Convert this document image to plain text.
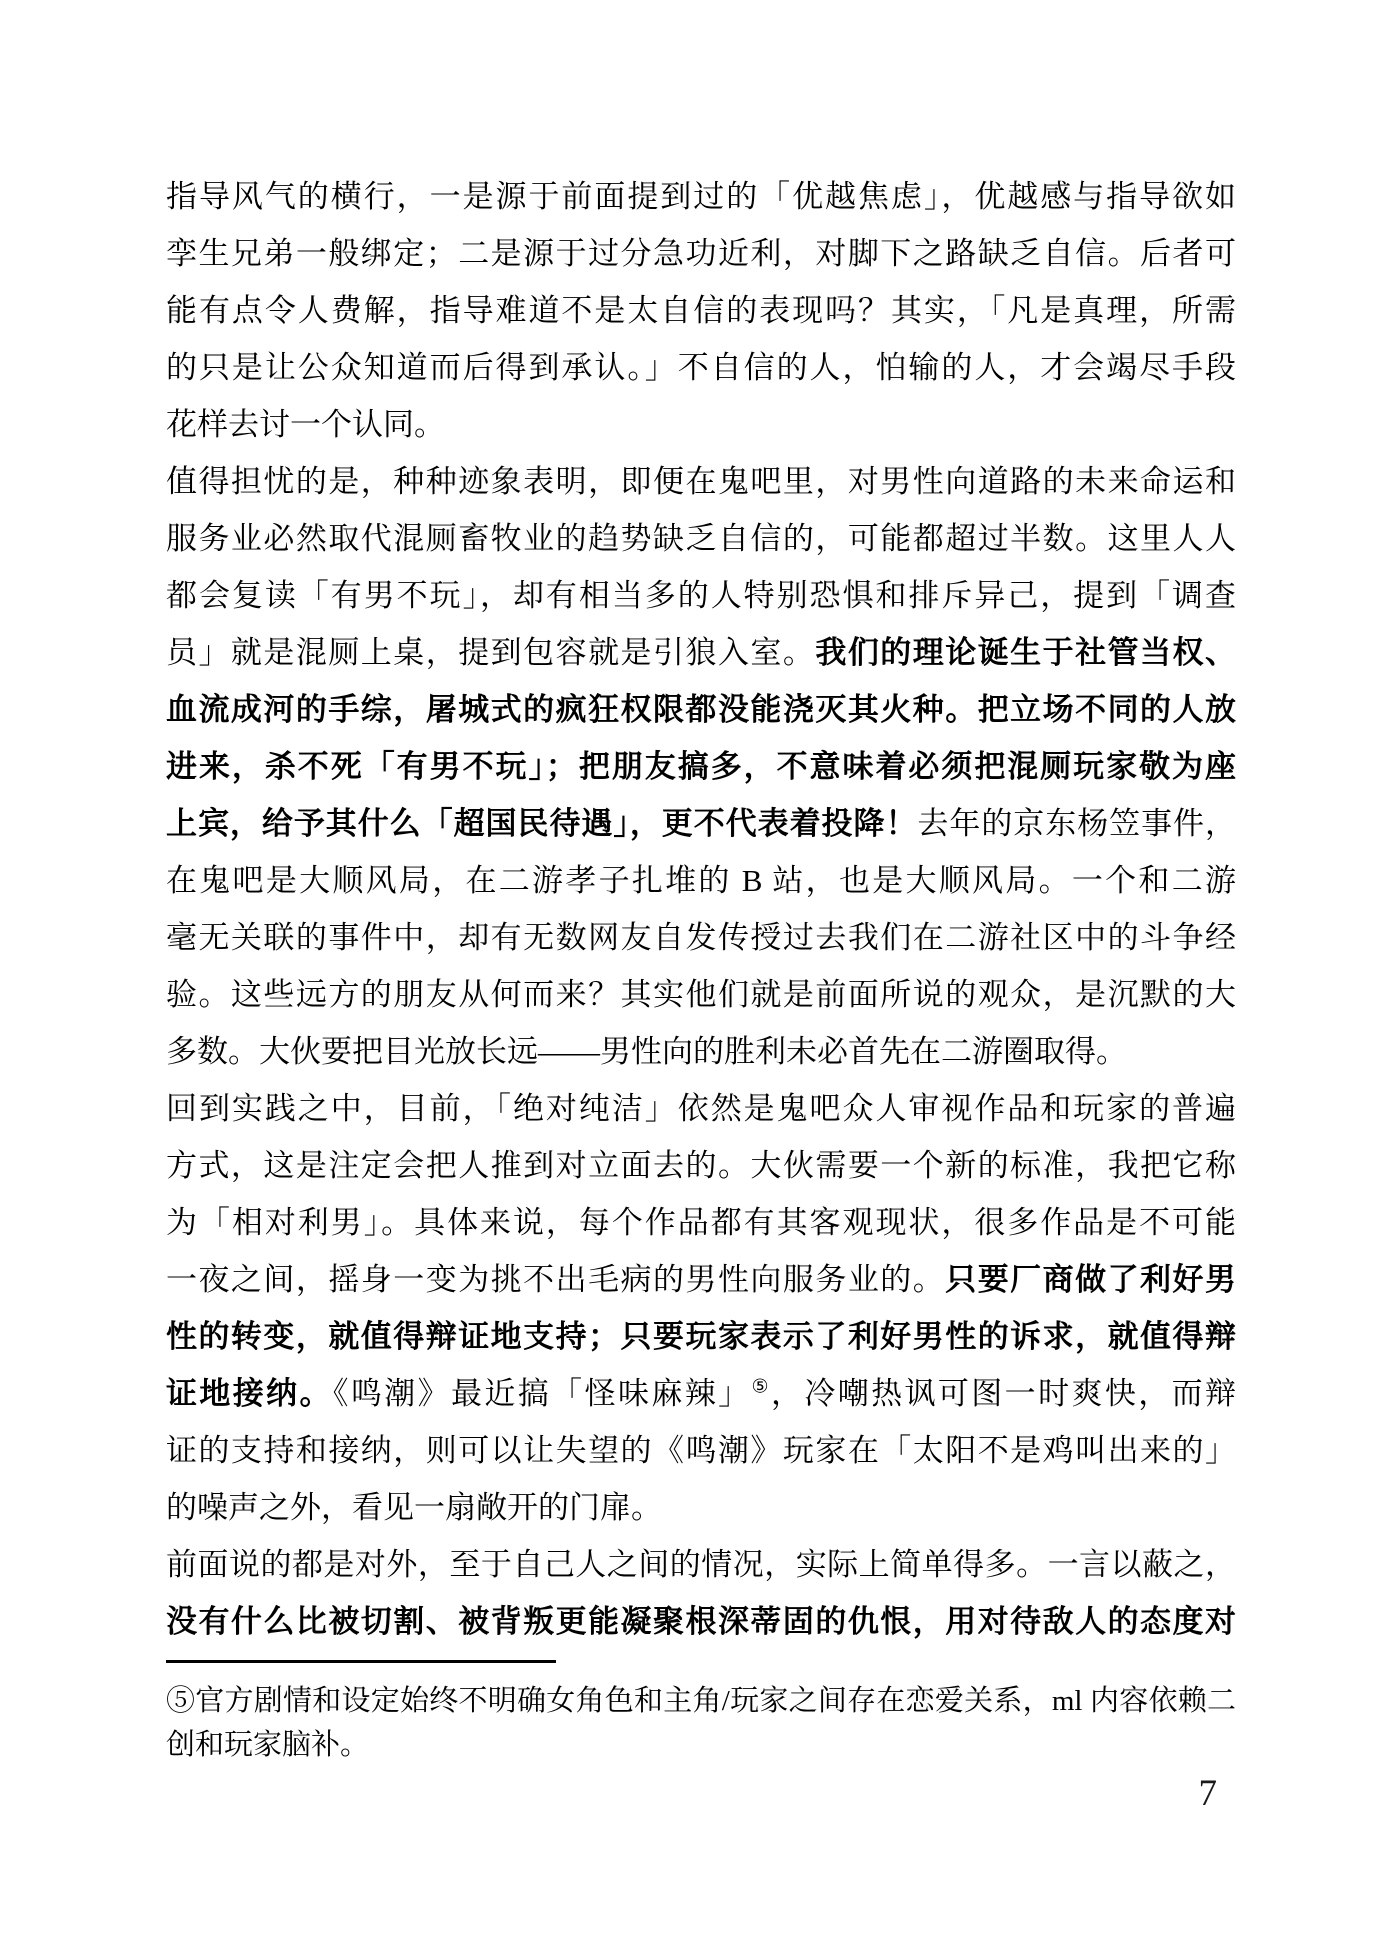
指导风气的横行，一是源于前面提到过的「优越焦虑」，优越感与指导欲如
孪生兄弟一般绑定；二是源于过分急功近利，对脚下之路缺乏自信。后者可
能有点令人费解，指导难道不是太自信的表现吗？其实，「凡是真理，所需
的只是让公众知道而后得到承认。」不自信的人，怕输的人，才会竭尽手段
花样去讨一个认同。
值得担忧的是，种种迹象表明，即便在鬼吧里，对男性向道路的未来命运和
服务业必然取代混厕畜牧业的趋势缺乏自信的，可能都超过半数。这里人人
都会复读「有男不玩」，却有相当多的人特别恐惧和排斥异己，提到「调查
员」就是混厕上桌，提到包容就是引狼入室。我们的理论诞生于社管当权、
血流成河的手综，屠城式的疯狂权限都没能浇灭其火种。把立场不同的人放
进来，杀不死「有男不玩」；把朋友搞多，不意味着必须把混厕玩家敬为座
上宾，给予其什么「超国民待遇」，更不代表着投降！去年的京东杨笠事件，
在鬼吧是大顺风局，在二游孝子扎堆的 B 站，也是大顺风局。一个和二游
毫无关联的事件中，却有无数网友自发传授过去我们在二游社区中的斗争经
验。这些远方的朋友从何而来？其实他们就是前面所说的观众，是沉默的大
多数。大伙要把目光放长远——男性向的胜利未必首先在二游圈取得。
回到实践之中，目前，「绝对纯洁」依然是鬼吧众人审视作品和玩家的普遍
方式，这是注定会把人推到对立面去的。大伙需要一个新的标准，我把它称
为「相对利男」。具体来说，每个作品都有其客观现状，很多作品是不可能
一夜之间，摇身一变为挑不出毛病的男性向服务业的。只要厂商做了利好男
性的转变，就值得辩证地支持；只要玩家表示了利好男性的诉求，就值得辩
证地接纳。《鸣潮》最近搞「怪味麻辣」⑤，冷嘲热讽可图一时爽快，而辩
证的支持和接纳，则可以让失望的《鸣潮》玩家在「太阳不是鸡叫出来的」
的噪声之外，看见一扇敞开的门扉。
前面说的都是对外，至于自己人之间的情况，实际上简单得多。一言以蔽之，
没有什么比被切割、被背叛更能凝聚根深蒂固的仇恨，用对待敌人的态度对
⑤官方剧情和设定始终不明确女角色和主角/玩家之间存在恋爱关系，ml 内容依赖二
创和玩家脑补。
7
